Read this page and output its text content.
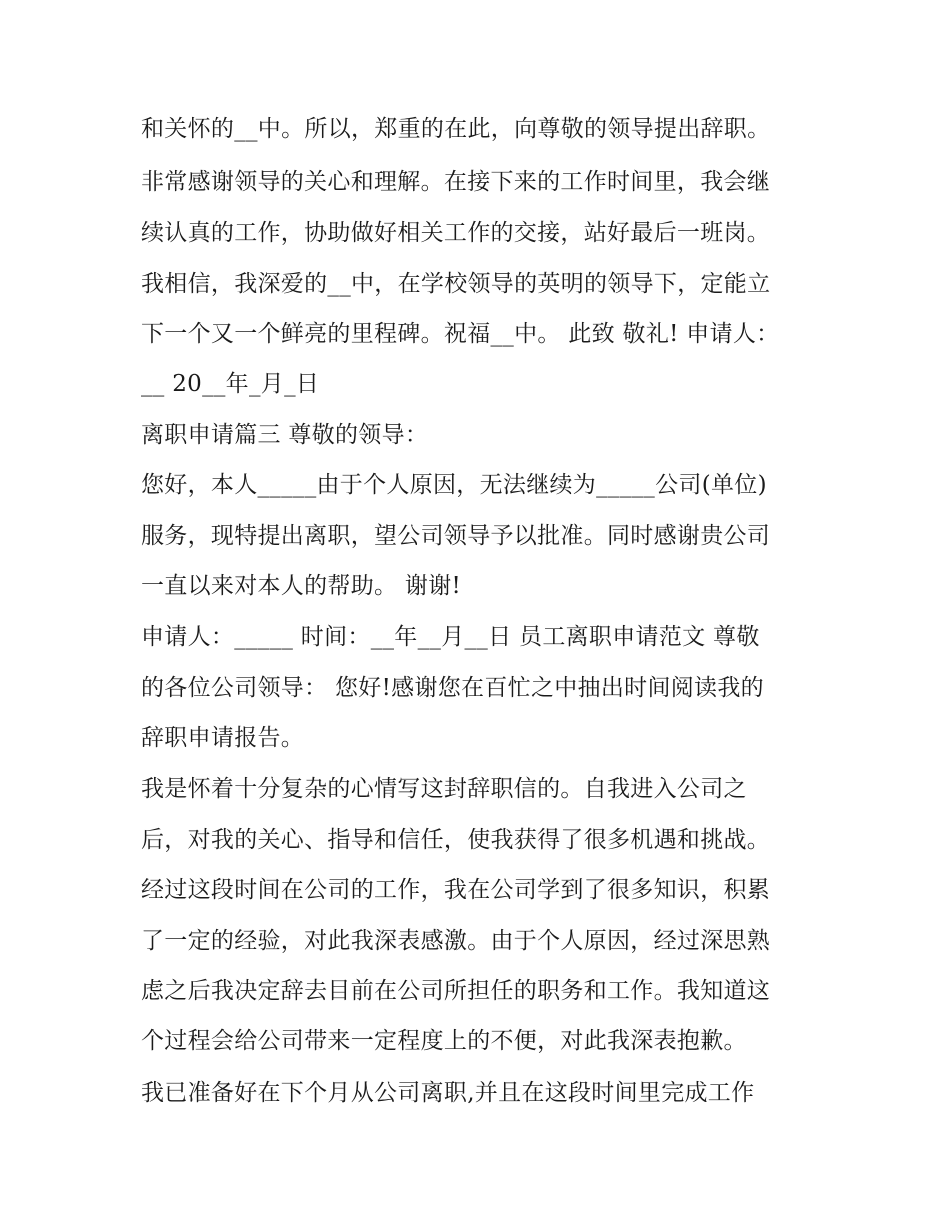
和关怀的__中。所以，郑重的在此，向尊敬的领导提出辞职。
非常感谢领导的关心和理解。在接下来的工作时间里，我会继
续认真的工作，协助做好相关工作的交接，站好最后一班岗。
我相信，我深爱的__中，在学校领导的英明的领导下，定能立
下一个又一个鲜亮的里程碑。祝福__中。 此致 敬礼! 申请人：
__ 20__年_月_日
离职申请篇三 尊敬的领导：
您好，本人_____由于个人原因，无法继续为_____公司(单位)
服务，现特提出离职，望公司领导予以批准。同时感谢贵公司
一直以来对本人的帮助。 谢谢!
申请人：_____ 时间：__年__月__日 员工离职申请范文 尊敬
的各位公司领导： 您好!感谢您在百忙之中抽出时间阅读我的
辞职申请报告。
我是怀着十分复杂的心情写这封辞职信的。自我进入公司之
后，对我的关心、指导和信任，使我获得了很多机遇和挑战。
经过这段时间在公司的工作，我在公司学到了很多知识，积累
了一定的经验，对此我深表感激。由于个人原因，经过深思熟
虑之后我决定辞去目前在公司所担任的职务和工作。我知道这
个过程会给公司带来一定程度上的不便，对此我深表抱歉。
我已准备好在下个月从公司离职,并且在这段时间里完成工作
